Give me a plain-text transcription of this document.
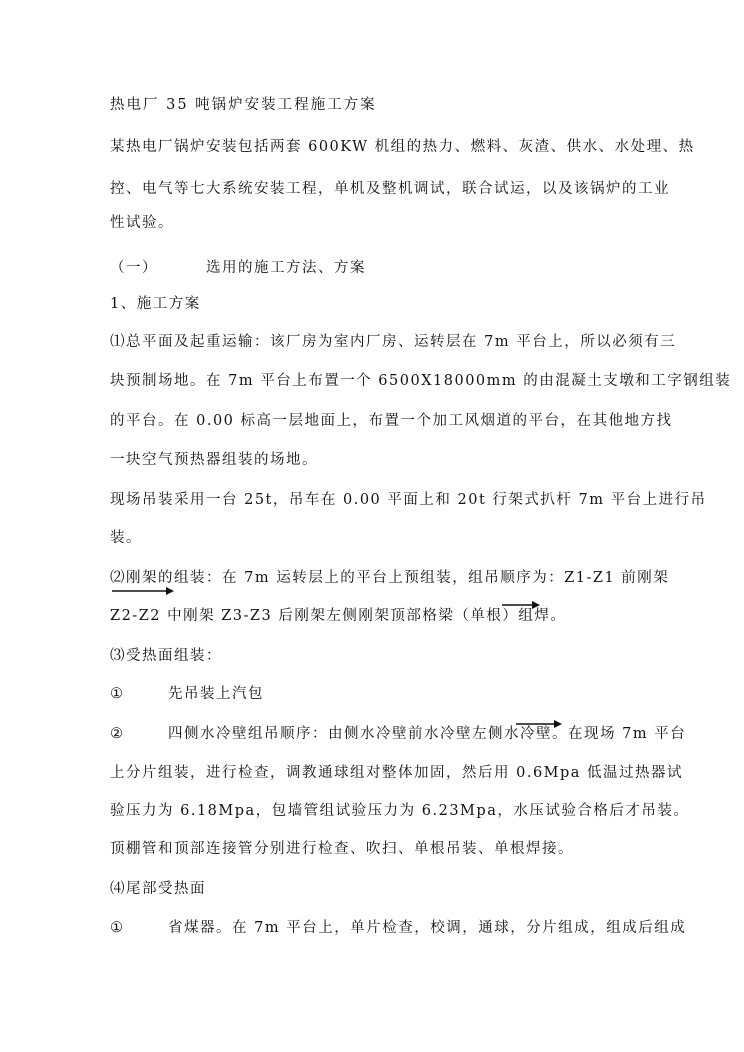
热电厂 35 吨锅炉安装工程施工方案
某热电厂锅炉安装包括两套 600KW 机组的热力、燃料、灰渣、供水、水处理、热
控、电气等七大系统安装工程，单机及整机调试，联合试运，以及该锅炉的工业
性试验。
（一）	选用的施工方法、方案
1、施工方案
⑴总平面及起重运输：该厂房为室内厂房、运转层在 7m 平台上，所以必须有三
块预制场地。在 7m 平台上布置一个 6500X18000mm 的由混凝土支墩和工字钢组装
的平台。在 0.00 标高一层地面上，布置一个加工风烟道的平台，在其他地方找
一块空气预热器组装的场地。
现场吊装采用一台 25t，吊车在 0.00 平面上和 20t 行架式扒杆 7m 平台上进行吊
装。
⑵刚架的组装：在 7m 运转层上的平台上预组装，组吊顺序为：Z1-Z1 前刚架
Z2-Z2 中刚架 Z3-Z3 后刚架左侧刚架顶部格梁（单根）组焊。
⑶受热面组装：
①	先吊装上汽包
②	四侧水冷壁组吊顺序：由侧水冷壁前水冷壁左侧水冷壁。在现场 7m 平台
上分片组装，进行检查，调教通球组对整体加固，然后用 0.6Mpa 低温过热器试
验压力为 6.18Mpa，包墙管组试验压力为 6.23Mpa，水压试验合格后才吊装。
顶棚管和顶部连接管分别进行检查、吹扫、单根吊装、单根焊接。
⑷尾部受热面
①	省煤器。在 7m 平台上，单片检查，校调，通球，分片组成，组成后组成
